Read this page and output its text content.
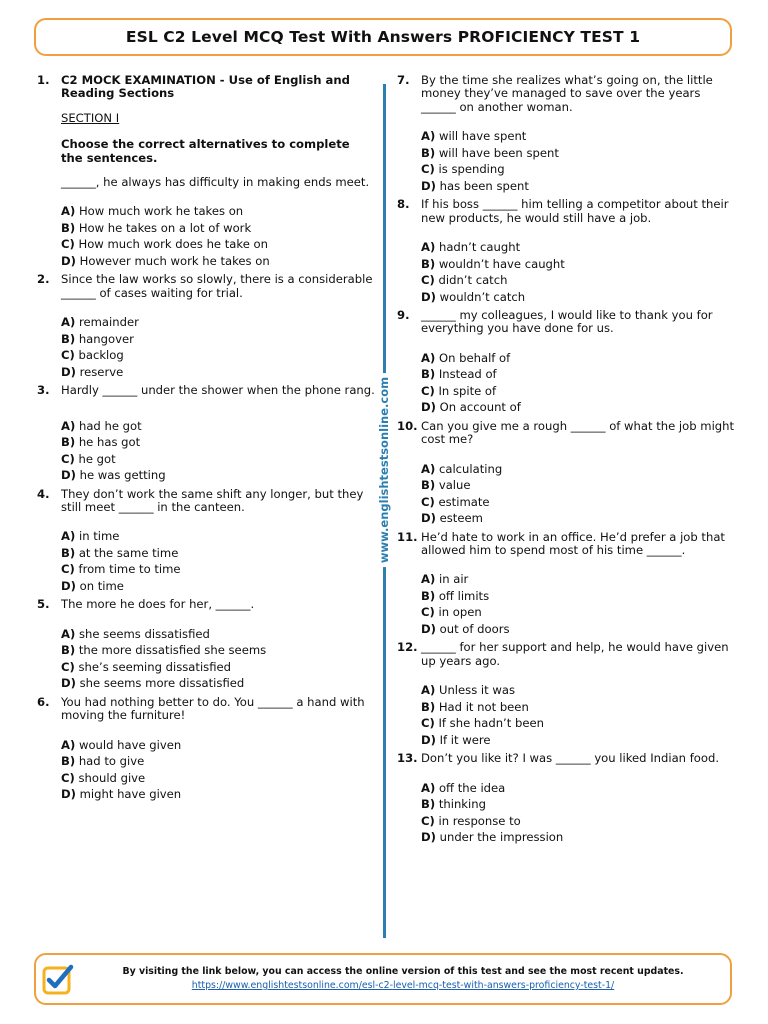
ESL C2 Level MCQ Test With Answers PROFICIENCY TEST 1
1. C2 MOCK EXAMINATION - Use of English and Reading Sections
SECTION I
Choose the correct alternatives to complete the sentences.
______, he always has difficulty in making ends meet.
A) How much work he takes on
B) How he takes on a lot of work
C) How much work does he take on
D) However much work he takes on
2. Since the law works so slowly, there is a considerable ______ of cases waiting for trial.
A) remainder
B) hangover
C) backlog
D) reserve
3. Hardly ______ under the shower when the phone rang.
A) had he got
B) he has got
C) he got
D) he was getting
4. They don’t work the same shift any longer, but they still meet ______ in the canteen.
A) in time
B) at the same time
C) from time to time
D) on time
5. The more he does for her, ______.
A) she seems dissatisfied
B) the more dissatisfied she seems
C) she’s seeming dissatisfied
D) she seems more dissatisfied
6. You had nothing better to do. You ______ a hand with moving the furniture!
A) would have given
B) had to give
C) should give
D) might have given
www.englishtestsonline.com
7. By the time she realizes what’s going on, the little money they’ve managed to save over the years ______ on another woman.
A) will have spent
B) will have been spent
C) is spending
D) has been spent
8. If his boss ______ him telling a competitor about their new products, he would still have a job.
A) hadn’t caught
B) wouldn’t have caught
C) didn’t catch
D) wouldn’t catch
9. ______ my colleagues, I would like to thank you for everything you have done for us.
A) On behalf of
B) Instead of
C) In spite of
D) On account of
10. Can you give me a rough ______ of what the job might cost me?
A) calculating
B) value
C) estimate
D) esteem
11. He’d hate to work in an office. He’d prefer a job that allowed him to spend most of his time ______.
A) in air
B) off limits
C) in open
D) out of doors
12. ______ for her support and help, he would have given up years ago.
A) Unless it was
B) Had it not been
C) If she hadn’t been
D) If it were
13. Don’t you like it? I was ______ you liked Indian food.
A) off the idea
B) thinking
C) in response to
D) under the impression
By visiting the link below, you can access the online version of this test and see the most recent updates.
https://www.englishtestsonline.com/esl-c2-level-mcq-test-with-answers-proficiency-test-1/
